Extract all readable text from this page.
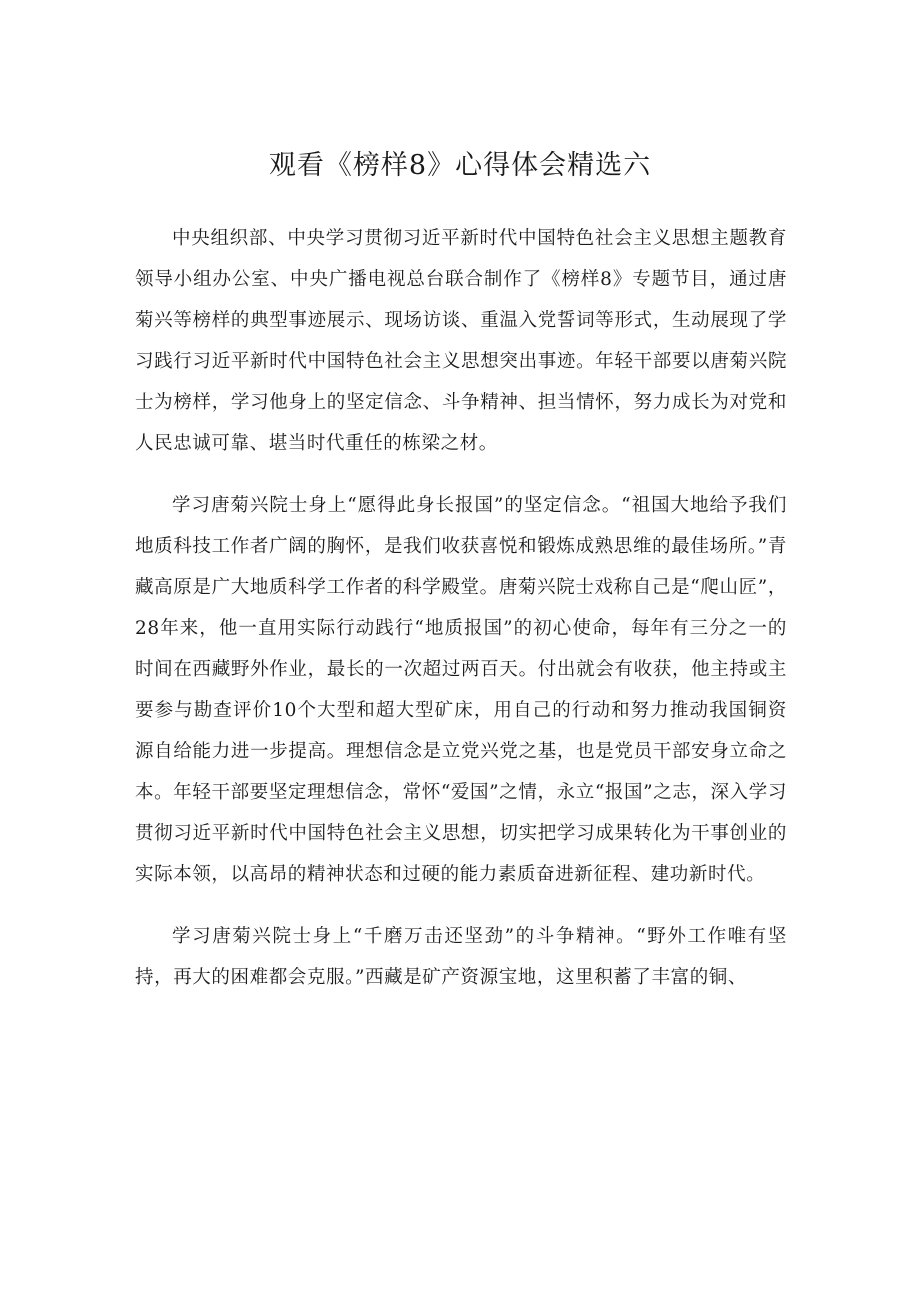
观看《榜样8》心得体会精选六

中央组织部、中央学习贯彻习近平新时代中国特色社会主义思想主题教育领导小组办公室、中央广播电视总台联合制作了《榜样8》专题节目，通过唐菊兴等榜样的典型事迹展示、现场访谈、重温入党誓词等形式，生动展现了学习践行习近平新时代中国特色社会主义思想突出事迹。年轻干部要以唐菊兴院士为榜样，学习他身上的坚定信念、斗争精神、担当情怀，努力成长为对党和人民忠诚可靠、堪当时代重任的栋梁之材。

学习唐菊兴院士身上“愿得此身长报国”的坚定信念。“祖国大地给予我们地质科技工作者广阔的胸怀，是我们收获喜悦和锻炼成熟思维的最佳场所。”青藏高原是广大地质科学工作者的科学殿堂。唐菊兴院士戏称自己是“爬山匠”，28年来，他一直用实际行动践行“地质报国”的初心使命，每年有三分之一的时间在西藏野外作业，最长的一次超过两百天。付出就会有收获，他主持或主要参与勘查评价10个大型和超大型矿床，用自己的行动和努力推动我国铜资源自给能力进一步提高。理想信念是立党兴党之基，也是党员干部安身立命之本。年轻干部要坚定理想信念，常怀“爱国”之情，永立“报国”之志，深入学习贯彻习近平新时代中国特色社会主义思想，切实把学习成果转化为干事创业的实际本领，以高昂的精神状态和过硬的能力素质奋进新征程、建功新时代。

学习唐菊兴院士身上“千磨万击还坚劲”的斗争精神。“野外工作唯有坚持，再大的困难都会克服。”西藏是矿产资源宝地，这里积蓄了丰富的铜、
